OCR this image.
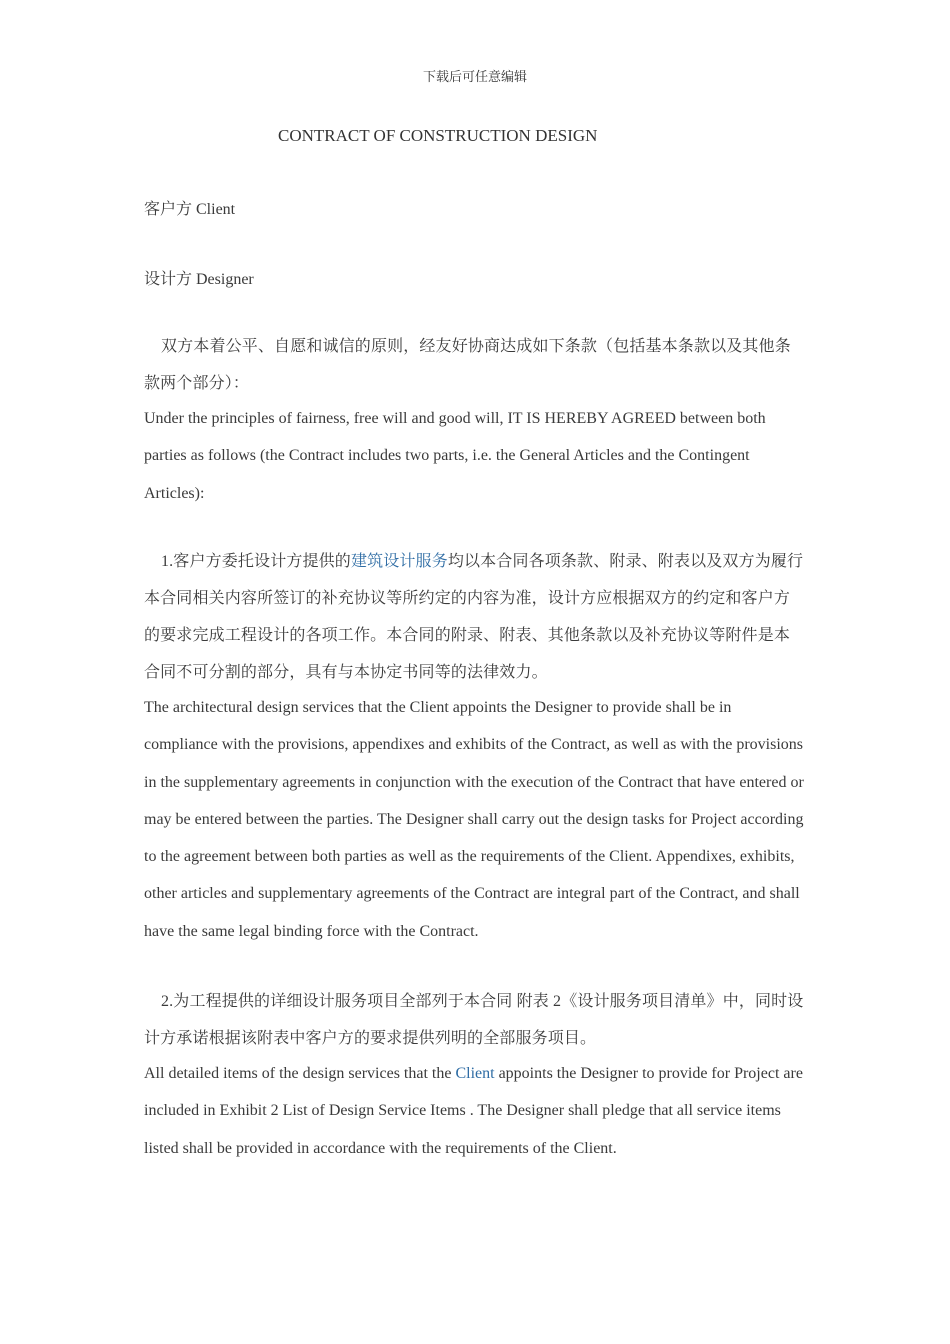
下载后可任意编辑
CONTRACT OF CONSTRUCTION DESIGN
客户方 Client
设计方 Designer
双方本着公平、自愿和诚信的原则，经友好协商达成如下条款（包括基本条款以及其他条款两个部分）：
Under the principles of fairness, free will and good will, IT IS HEREBY AGREED between both parties as follows (the Contract includes two parts, i.e. the General Articles and the Contingent Articles):
1.客户方委托设计方提供的建筑设计服务均以本合同各项条款、附录、附表以及双方为履行本合同相关内容所签订的补充协议等所约定的内容为准，设计方应根据双方的约定和客户方的要求完成工程设计的各项工作。本合同的附录、附表、其他条款以及补充协议等附件是本合同不可分割的部分，具有与本协定书同等的法律效力。
The architectural design services that the Client appoints the Designer to provide shall be in compliance with the provisions, appendixes and exhibits of the Contract, as well as with the provisions in the supplementary agreements in conjunction with the execution of the Contract that have entered or may be entered between the parties. The Designer shall carry out the design tasks for Project according to the agreement between both parties as well as the requirements of the Client. Appendixes, exhibits, other articles and supplementary agreements of the Contract are integral part of the Contract, and shall have the same legal binding force with the Contract.
2.为工程提供的详细设计服务项目全部列于本合同 附表 2《设计服务项目清单》中，同时设计方承诺根据该附表中客户方的要求提供列明的全部服务项目。
All detailed items of the design services that the Client appoints the Designer to provide for Project are included in Exhibit 2 List of Design Service Items . The Designer shall pledge that all service items listed shall be provided in accordance with the requirements of the Client.
